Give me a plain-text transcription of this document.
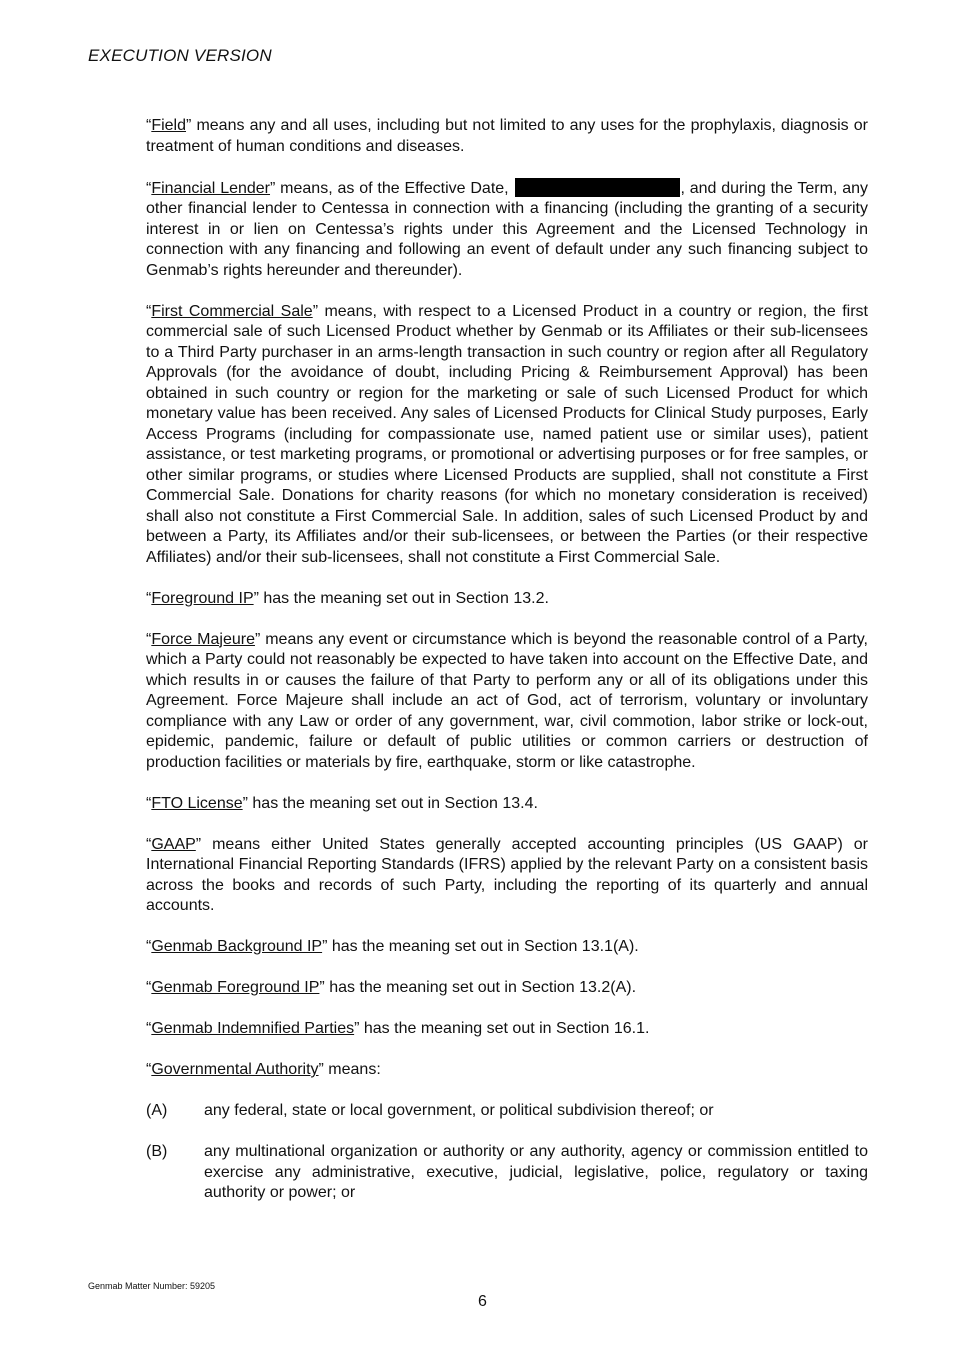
EXECUTION VERSION

“Field” means any and all uses, including but not limited to any uses for the prophylaxis, diagnosis or treatment of human conditions and diseases.

“Financial Lender” means, as of the Effective Date,	, and during the Term, any other financial lender to Centessa in connection with a financing (including the granting of a security interest in or lien on Centessa’s rights under this Agreement and the Licensed Technology in connection with any financing and following an event of default under any such financing subject to Genmab’s rights hereunder and thereunder).

“First Commercial Sale” means, with respect to a Licensed Product in a country or region, the first commercial sale of such Licensed Product whether by Genmab or its Affiliates or their sub-licensees to a Third Party purchaser in an arms-length transaction in such country or region after all Regulatory Approvals (for the avoidance of doubt, including Pricing & Reimbursement Approval) has been obtained in such country or region for the marketing or sale of such Licensed Product for which monetary value has been received. Any sales of Licensed Products for Clinical Study purposes, Early Access Programs (including for compassionate use, named patient use or similar uses), patient assistance, or test marketing programs, or promotional or advertising purposes or for free samples, or other similar programs, or studies where Licensed Products are supplied, shall not constitute a First Commercial Sale. Donations for charity reasons (for which no monetary consideration is received) shall also not constitute a First Commercial Sale. In addition, sales of such Licensed Product by and between a Party, its Affiliates and/or their sub-licensees, or between the Parties (or their respective Affiliates) and/or their sub-licensees, shall not constitute a First Commercial Sale.

“Foreground IP” has the meaning set out in Section 13.2.

“Force Majeure” means any event or circumstance which is beyond the reasonable control of a Party, which a Party could not reasonably be expected to have taken into account on the Effective Date, and which results in or causes the failure of that Party to perform any or all of its obligations under this Agreement. Force Majeure shall include an act of God, act of terrorism, voluntary or involuntary compliance with any Law or order of any government, war, civil commotion, labor strike or lock-out, epidemic, pandemic, failure or default of public utilities or common carriers or destruction of production facilities or materials by fire, earthquake, storm or like catastrophe.

“FTO License” has the meaning set out in Section 13.4.

“GAAP” means either United States generally accepted accounting principles (US GAAP) or International Financial Reporting Standards (IFRS) applied by the relevant Party on a consistent basis across the books and records of such Party, including the reporting of its quarterly and annual accounts.

“Genmab Background IP” has the meaning set out in Section 13.1(A).

“Genmab Foreground IP” has the meaning set out in Section 13.2(A).

“Genmab Indemnified Parties” has the meaning set out in Section 16.1.

“Governmental Authority” means:

(A)	any federal, state or local government, or political subdivision thereof; or
(B)	any multinational organization or authority or any authority, agency or commission entitled to exercise any administrative, executive, judicial, legislative, police, regulatory or taxing authority or power; or
Genmab Matter Number: 59205
6
